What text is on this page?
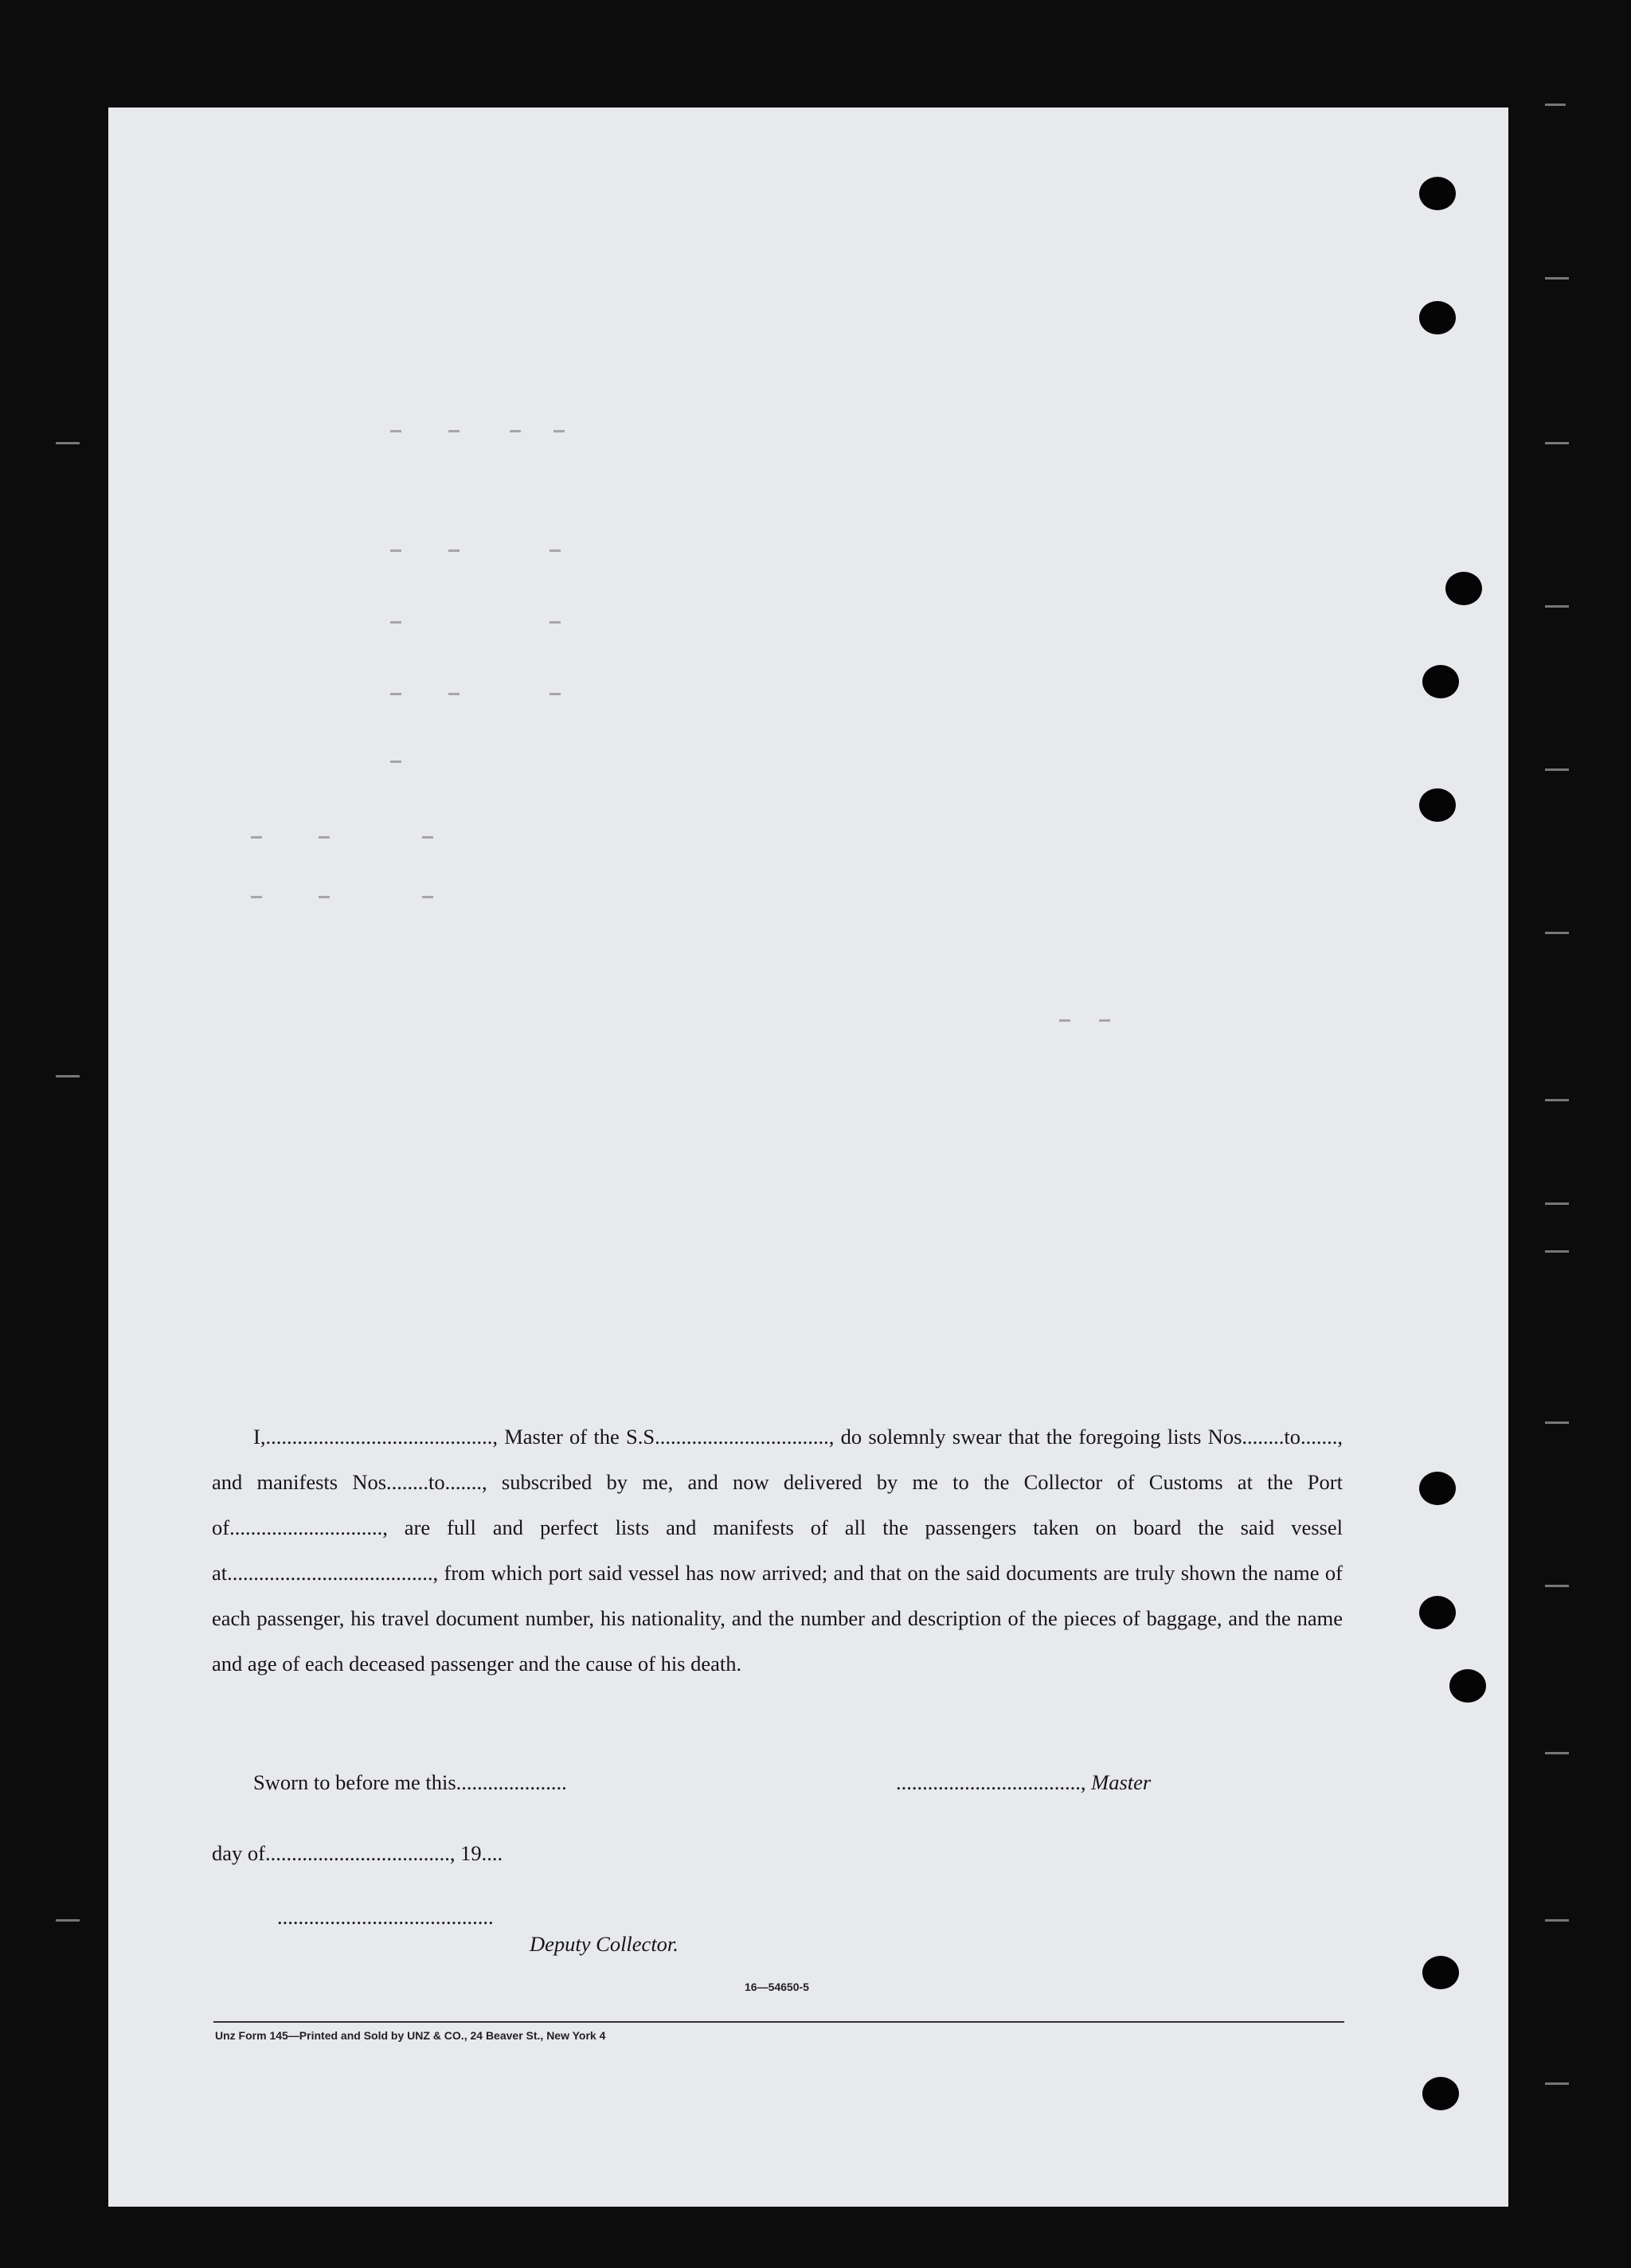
I,..........................................., Master of the S.S................................., do solemnly swear that the foregoing lists Nos........to......., and manifests Nos........to......., subscribed by me, and now delivered by me to the Collector of Customs at the Port of............................., are full and perfect lists and manifests of all the passengers taken on board the said vessel at......................................., from which port said vessel has now arrived; and that on the said documents are truly shown the name of each passenger, his travel document number, his nationality, and the number and description of the pieces of baggage, and the name and age of each deceased passenger and the cause of his death.

Sworn to before me this.....................	..................................., Master
day of..................................., 19....
.........................................
Deputy Collector.
16—54650-5
Unz Form 145—Printed and Sold by UNZ & CO., 24 Beaver St., New York 4
